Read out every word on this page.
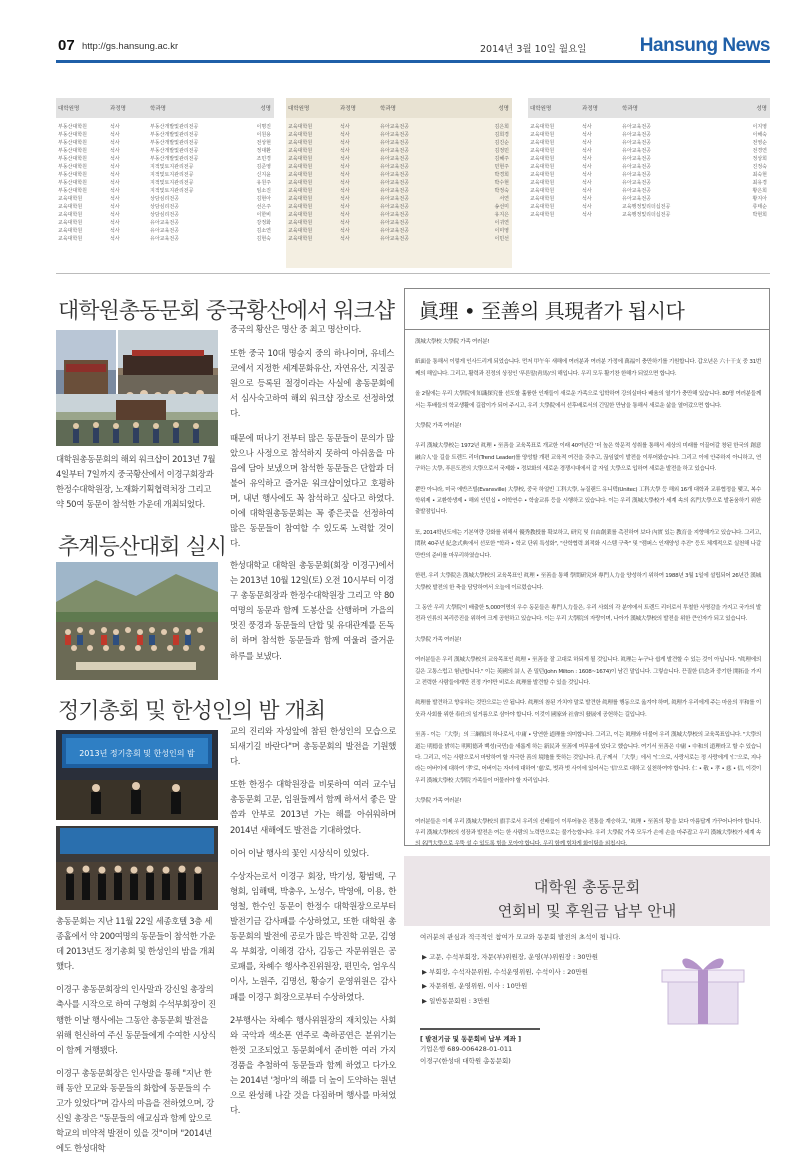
07 http://gs.hansung.ac.kr	2014년 3월 10일 월요일	Hansung News
대학원명	과정명	학과명	성명
부동산대학원	석사	부동산개발및관리전공	이명진
부동산대학원	석사	부동산개발및관리전공	이원용
부동산대학원	석사	부동산개발및관리전공	전상현
부동산대학원	석사	부동산개발및관리전공	정대환
부동산대학원	석사	부동산개발및관리전공	조민경
부동산대학원	석사	지적및토지관리전공	김준영
부동산대학원	석사	지적및토지관리전공	신지윤
부동산대학원	석사	지적및토지관리전공	유원주
부동산대학원	석사	지적및토지관리전공	임소진
교육대학원	석사	상담심리전공	김현아
교육대학원	석사	상담심리전공	선은주
교육대학원	석사	상담심리전공	이한비
교육대학원	석사	유아교육전공	강정화
교육대학원	석사	유아교육전공	김소연
교육대학원	석사	유아교육전공	김현숙
대학원명	과정명	학과명	성명
교육대학원	석사	유아교육전공	김은희
교육대학원	석사	유아교육전공	김희경
교육대학원	석사	유아교육전공	김진순
교육대학원	석사	유아교육전공	김정민
교육대학원	석사	유아교육전공	김혜주
교육대학원	석사	유아교육전공	민현주
교육대학원	석사	유아교육전공	박경희
교육대학원	석사	유아교육전공	박수현
교육대학원	석사	유아교육전공	박정숙
교육대학원	석사	유아교육전공	서연
교육대학원	석사	유아교육전공	송선미
교육대학원	석사	유아교육전공	유지은
교육대학원	석사	유아교육전공	이귀연
교육대학원	석사	유아교육전공	이미영
교육대학원	석사	유아교육전공	이민선
대학원명	과정명	학과명	성명
교육대학원	석사	유아교육전공	이지영
교육대학원	석사	유아교육전공	이해숙
교육대학원	석사	유아교육전공	전영순
교육대학원	석사	유아교육전공	전경연
교육대학원	석사	유아교육전공	정상희
교육대학원	석사	유아교육전공	진정숙
교육대학원	석사	유아교육전공	최숙현
교육대학원	석사	유아교육전공	최유경
교육대학원	석사	유아교육전공	황은희
교육대학원	석사	유아교육전공	황지아
교육대학원	석사	교육행정및리더십전공	류태순
교육대학원	석사	교육행정및리더십전공	박현희
대학원총동문회 중국황산에서 워크샵
대학원총동문회의 해외 워크샵이 2013년 7월4일부터 7일까지 중국황산에서 이경구회장과 한정수대학원장, 노재화기획협력처장 그리고 약 50여 동문이 참석한 가운데 개최되었다.

중국의 황산은 명산 중 최고 명산이다.

또한 중국 10대 명승지 중의 하나이며, 유네스코에서 지정한 세계문화유산, 자연유산, 지질공원으로 등록된 절경이라는 사실에 총동문회에서 심사숙고하여 해외 워크샵 장소로 선정하였다.

때문에 떠나기 전부터 많은 동문들이 문의가 많았으나 사정으로 참석하지 못하여 아쉬움을 마음에 담아 보냈으며 참석한 동문들은 단합과 더불어 유익하고 즐거운 워크샵이었다고 호평하며, 내년 행사에도 꼭 참석하고 싶다고 하였다. 이에 대학원총동문회는 꼭 좋은곳을 선정하여 많은 동문들이 참여할 수 있도록 노력할 것이다.

추계등산대회 실시
한성대학교 대학원 총동문회(회장 이경구)에서는 2013년 10월 12일(토) 오전 10시부터 이경구 총동문회장과 한정수대학원장 그리고 약 80여명의 동문과 함께 도봉산을 산행하며 가을의 멋진 풍경과 동문들의 단합 및 유대관계를 돈독히 하며 참석한 동문들과 함께 여울려 즐거운 하루를 보냈다.
정기총회 및 한성인의 밤 개최
2013년 정기총회 및 한성인의 밤

총동문회는 지난 11월 22일 세종호텔 3층 세종홀에서 약 200여명의 동문들이 참석한 가운데 2013년도 정기총회 및 한성인의 밤을 개최했다.

이경구 총동문회장의 인사말과 강신일 총장의 축사를 시작으로 하여 구형회 수석부회장이 진행한 이날 행사에는 그동안 총동문회 발전을 위해 헌신하여 주신 동문들에게 수여한 시상식이 함께 거행됐다.

이경구 총동문회장은 인사말을 통해 "지난 한해 동안 모교와 동문들의 화합에 동문들의 수고가 있었다"며 감사의 마음을 전하였으며, 강신일 총장은 "동문들의 애교심과 함께 앞으로 학교의 비약적 발전이 있을 것"이며 "2014년에도 한성대학

교의 진리와 자성앞에 참된 한성인의 모습으로 되새기길 바란다"며 총동문회의 발전을 기원했다.

또한 한정수 대학원장을 비롯하여 여러 교수님 총동문회 고문, 임원들께서 함께 하셔서 좋은 말씀과 안부로 2013년 가는 해를 아쉬워하며 2014년 새해에도 발전을 기대하였다.

이어 이날 행사의 꽃인 시상식이 있었다.

수상자는로서 이경구 회장, 박기성, 황범택, 구형회, 임해택, 박충우, 노성수, 박영애, 이용, 한영철, 한수인 동문이 한정수 대학원장으로부터 발전기금 감사패를 수상하였고, 또한 대학원 총동문회의 발전에 공로가 많은 박진학 고문, 김영옥 부회장, 이해경 감사, 김동근 자문위원은 공로패를, 차혜수 행사추진위원장, 편민숙, 엄우식 이사, 노원주, 김명선, 황승기 운영위원은 감사패를 이경구 회장으로부터 수상하였다.

2부행사는 차혜수 행사위원장의 재치있는 사회와 국악과 색소폰 연주로 축하공연은 분위기는 한껏 고조되었고 동문회에서 준비한 여러 가지 경품을 추첨하여 동문들과 함께 하였고 다가오는 2014년 '청마'의 해를 더 높이 도약하는 원년으로 완성해 나갈 것을 다짐하며 행사를 마쳐었다.

眞理 • 至善의 具現者가 됩시다

漢城大學校 大學院 가족 여러분!

紙面을 통해서 이렇게 인사드리게 되었습니다. 먼저 甲午年 새해에 여러분과 여러분 가정에 萬福이 충만하기를 기원합니다. 갑오년은 六十干支 중 31번째의 해입니다. 그리고, 활력과 진정의 상징인 '푸른말(靑馬)'의 해입니다. 우리 모두 활기찬 한해가 되었으면 합니다.

올 2월에는 우리 大學院에 知識探究를 선도할 훌륭한 인재들이 새로운 가족으로 입학하여 강의실마다 배움의 열기가 충만해 있습니다. 80명 여러분들께서는 후배들의 학교생활에 길잡이가 되어 주시고, 우리 大學院에서 선후배로서의 긴밀한 만남을 통해서 새로운 삶을 열어갔으면 합니다.

大學院 가족 여러분!

우리 漢城大學校는 1972년 眞理 • 至善을 교육목표로 개교한 이래 40여년간 '더 높은 학문적 성취를 통해서 세상의 미래를 이끌어갈 창된 한국의 創意融合人'을 길을 트렌드 리더(Trend Leader)를 양성할 개편 교육적 여건을 갖추고, 끊임없이 발전을 이루어왔습니다. 그리고 이에 안주하지 아니하고, 연구하는 大學, 푸른도전의 大學으로서 국제화 • 정보화의 새로운 경쟁시대에서 갈 자일 大學으로 입하여 새로운 발전을 하고 있습니다.

뿐만 아니라, 미국 에반즈빌(Evansville) 大學校, 중국 하얼빈 工科大學, 뉴질랜드 유니텍(Unitec) 工科大學 등 해외 16개 대학과 교류협정을 맺고, 복수학위제 • 교환학생제 • 해외 인턴십 • 어학연수 • 학술교류 등을 시행하고 있습니다. 이는 우리 漢城大學校가 세계 속의 名門大學으로 발돋움하기 위한 출발점입니다.

또, 2014학년도에는 기본역량 강화를 위해서 優秀教授를 확보하고, 研究 및 自由創業를 촉진하여 보다 內實 있는 教育을 지향해가고 있습니다. 그리고, 閏秋 40주년 紀念式典에서 선포한 "학과 • 학교 단위 특성화", "산학협력 최적화 시스템 구축" 및 "캠퍼스 인재양성 추진" 등도 체계적으로 실천해 나갈 만반의 준비를 마무리하였습니다.

한편, 우리 大學院은 漢城大學校의 교육목표인 眞理 • 至善을 통해 學問硏究와 專門人力을 양성하기 위하여 1988년 3월 1일에 설립되어 26년간 漢城大學校 발전의 한 축을 담당하여서 오늘에 이르렀습니다.

그 동안 우리 大學院이 배출한 5,000여명의 우수 동문들은 專門人力들은, 우리 사회의 각 분야에서 트렌드 리더로서 투철한 사명감을 가지고 국가의 발전과 인류의 복리증진을 위하여 크게 공헌하고 있습니다. 이는 우리 大學院의 자랑이며, 나아가 漢城大學校의 발전을 위한 큰인자가 되고 있습니다.

大學院 가족 여러분!

여러분들은 우리 漢城大學校의 교육목표인 眞理 • 至善을 잘 고대로 하되게 될 것입니다. 眞理는 누구나 쉽게 발견할 수 있는 것이 아닙니다. "眞理에의 길은 고통스럽고 험난합니다." 이는 英國의 詩人 존 밀턴(John Milton : 1608~1674)이 남긴 말입니다. 그렇습니다. 끈질한 信念과 중기한 開拓을 가지고 전력한 사람들에게만 진정 가야만 비로소 眞理를 발견할 수 있을 것입니다.

眞理를 발견하고 향유하는 것만으로는 안 됩니다. 眞理의 참된 가치야 말로 발견한 眞理를 행동으로 옮겨야 하며, 眞理가 우리에게 주는 마음의 平和를 이웃과 사회를 위한 奉仕의 일거름으로 삼아야 합니다. 이것이 國家와 社會의 發展에 공헌하는 길입니다.

至善 - 이는 「大學」의 三綱領의 하나로서, 中庸 • 당연한 道理를 의미합니다. 그리고, 이는 眞理와 더불어 우리 漢城大學校의 교육목표입니다. "大學의 道는 明德을 밝히는 明明德과 백성(국민)을 새롭게 하는 新民과 至善에 머무름에 있다고 했습니다. 여기서 至善은 中庸 • 中和의 道理라고 할 수 있습니다. 그리고, 이는 사람으로서 마땅하여 할 자극한 善의 境地를 뜻하는 것입니다. 孔子께서 「大學」에서 "仁으로, 사랑서로는 정 사랑에게 '仁'으로, 지나라는 어버이에 대하여 '孝'로, 어버이는 자녀에 대하여 '慈'로, 벗과 벗 사이에 있어서는 '信'으로 대하고 실천하여야 합니다. 仁 • 敬 • 孝 • 慈 • 信, 이것이 우리 漢城大學校 大學院 가족들이 머물러야 할 자리입니다.

大學院 가족 여러분!

여러분들은 이제 우리 漢城大學校의 旗手로서 우리의 선배들이 이루어놓은 전통을 계승하고, '眞理 • 至善의 횡'을 보다 아름답게 가꾸어나아야 합니다. 우리 漢城大學校의 성장과 발전은 여는 한 사람의 노력만으로는 불가능합니다. 우리 大學院 가족 모두가 손에 손을 마주잡고 우리 漢城大學校가 세계 속의 名門大學으로 우뚝 설 수 있도록 힘을 모아야 합니다. 우리 함께 힘차게 화이팅을 외칩시다.

대학원 총동문회
연회비 및 후원금 납부 안내
여러분의 관심과 적극적인 참여가 모교와 동문회 발전의 초석이 됩니다.
▶ 고문, 수석부회장, 자문(부)위원장, 운영(부)위원장 : 30만원
▶ 부회장, 수석자문위원, 수석운영위원, 수석이사 : 20만원
▶ 자문위원, 운영위원, 이사 : 10만원
▶ 일반동문회원 : 3만원
[ 발전기금 및 동문회비 납부 계좌 ]
기업은행 689-006428-01-011
이경구(한성대 대학원 총동문회)
